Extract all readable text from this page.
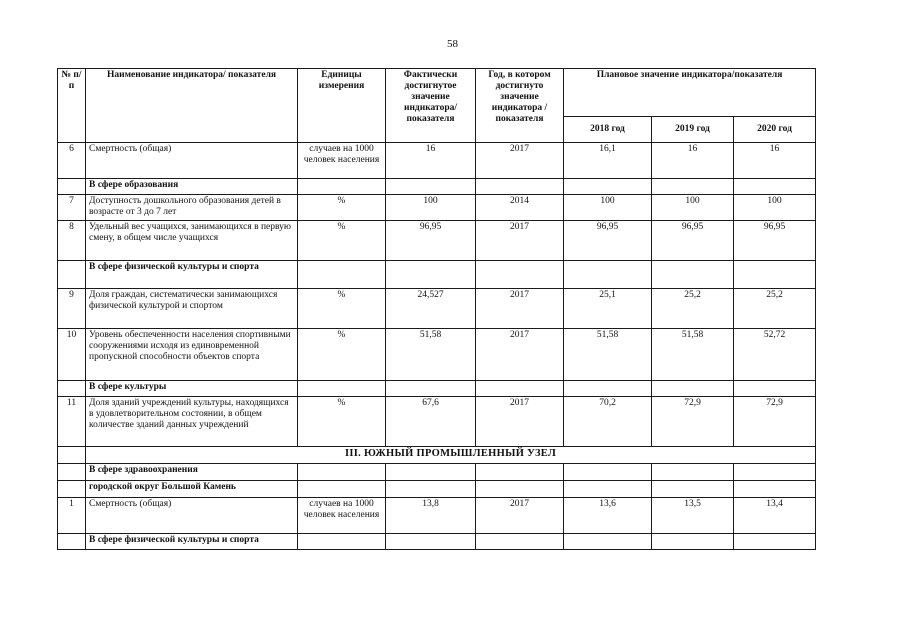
58
№ п/п	Наименование индикатора/ показателя	Единицы измерения	Фактически достигнутое значение индикатора/ показателя	Год, в котором достигнуто значение индикатора /показателя	Плановое значение индикатора/показателя		
					2018 год	2019 год	2020 год
6	Смертность (общая)	случаев на 1000 человек населения	16	2017	16,1	16	16
	В сфере образования						
7	Доступность дошкольного образования детей в возрасте от 3 до 7 лет	%	100	2014	100	100	100
8	Удельный вес учащихся, занимающихся в первую смену, в общем числе учащихся	%	96,95	2017	96,95	96,95	96,95
	В сфере физической культуры и спорта						
9	Доля граждан, систематически занимающихся физической культурой и спортом	%	24,527	2017	25,1	25,2	25,2
10	Уровень обеспеченности населения спортивными сооружениями исходя из единовременной пропускной способности объектов спорта	%	51,58	2017	51,58	51,58	52,72
	В сфере культуры						
11	Доля зданий учреждений культуры, находящихся в удовлетворительном состоянии, в общем количестве зданий данных учреждений	%	67,6	2017	70,2	72,9	72,9
	III. ЮЖНЫЙ ПРОМЫШЛЕННЫЙ УЗЕЛ						
	В сфере здравоохранения						
	городской округ Большой Камень						
1	Смертность (общая)	случаев на 1000 человек населения	13,8	2017	13,6	13,5	13,4
	В сфере физической культуры и спорта						
